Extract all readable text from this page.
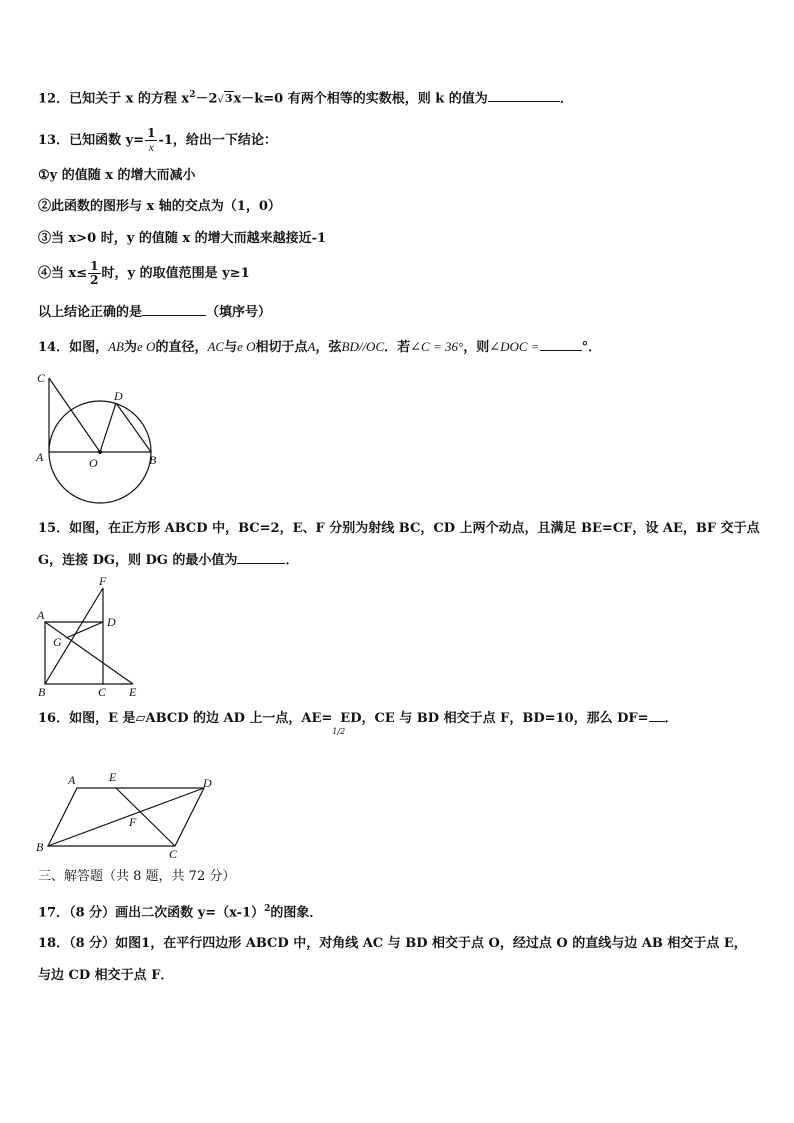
12．已知关于 x 的方程 $x^2-2√3x-k=0$ 有两个相等的实数根，则 k 的值为	．
13．已知函数 $y= \frac{1}{x} -1$，给出一下结论：
①y 的值随 x 的增大而减小
②此函数的图形与 x 轴的交点为（1，0）
③当 x>0 时，y 的值随 x 的增大而越来越接近-1
④当 $x\le \frac{1}{2}$ 时，y 的取值范围是 y≥1
以上结论正确的是	（填序号）
14．如图，AB为e O的直径，AC与e O相切于点A，弦BD//OC．若∠C = 36°，则∠DOC =	°．
C
D
A	O	B
15．如图，在正方形 ABCD 中，BC=2，E、F 分别为射线 BC，CD 上两个动点，且满足 BE=CF，设 AE，BF 交于点
G，连接 DG，则 DG 的最小值为	．
F
A	D
G
B	C E
16．如图，E 是▱ABCD 的边 AD 上一点，AE=
1/2
ED，CE 与 BD 相交于点 F，BD=10，那么 DF= ．
A	E	D
F
B	C
三、解答题（共 8 题，共 72 分）
17．（8 分）画出二次函数 $y=(x-1)^2$的图象．
18．（8 分）如图1，在平行四边形 ABCD 中，对角线 AC 与 BD 相交于点 O，经过点 O 的直线与边 AB 相交于点 E，
与边 CD 相交于点 F．
